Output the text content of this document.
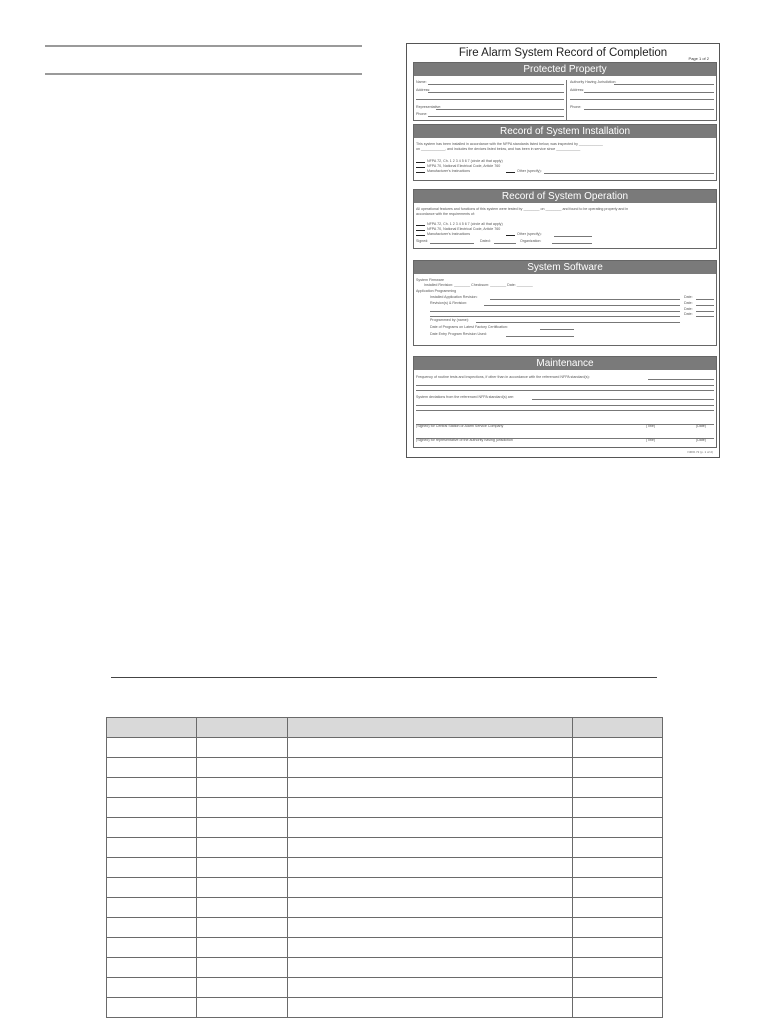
Fire Alarm System Record of Completion	Page 1 of 2
Protected Property
Name:
Address:
Representative:
Phone:
Authority Having Jurisdiction:
Address:
Phone:
Record of System Installation
This system has been installed in accordance with the NFPA standards listed below, was inspected by ____________
on ____________, and includes the devices listed below, and has been in service since ____________
NFPA 72, Ch. 1 2 3 4 5 6 7 (circle all that apply)
NFPA 70, National Electrical Code, Article 760
Manufacturer's Instructions	Other (specify):
Record of System Operation
All operational features and functions of this system were tested by ________ on ________ and found to be operating properly and in
accordance with the requirements of:
NFPA 72, Ch. 1 2 3 4 5 6 7 (circle all that apply)
NFPA 70, National Electrical Code, Article 760
Manufacturer's Instructions	Other (specify):
Signed:	Dated:	Organization:
System Software
System Firmware
Installed Revision: ________ Checksum: ________ Date: ________
Application Programming
Installed Application Revision:	Date:
Revision(s) & Revision:	Date:
Date:
Date:
Programmed by (name):
Date of Programs on Latest Factory Certification:
Date Entry Program Revision Used:
Maintenance
Frequency of routine tests and inspections, if other than in accordance with the referenced NFPA standard(s):
System deviations from the referenced NFPA standard(s) are:
(Signed) for Central Station or Alarm Service Company	(Title)	(Date)
(Signed) for representative of the authority having jurisdiction	(Title)	(Date)
NFPA 72 (p. 1 of 2)
